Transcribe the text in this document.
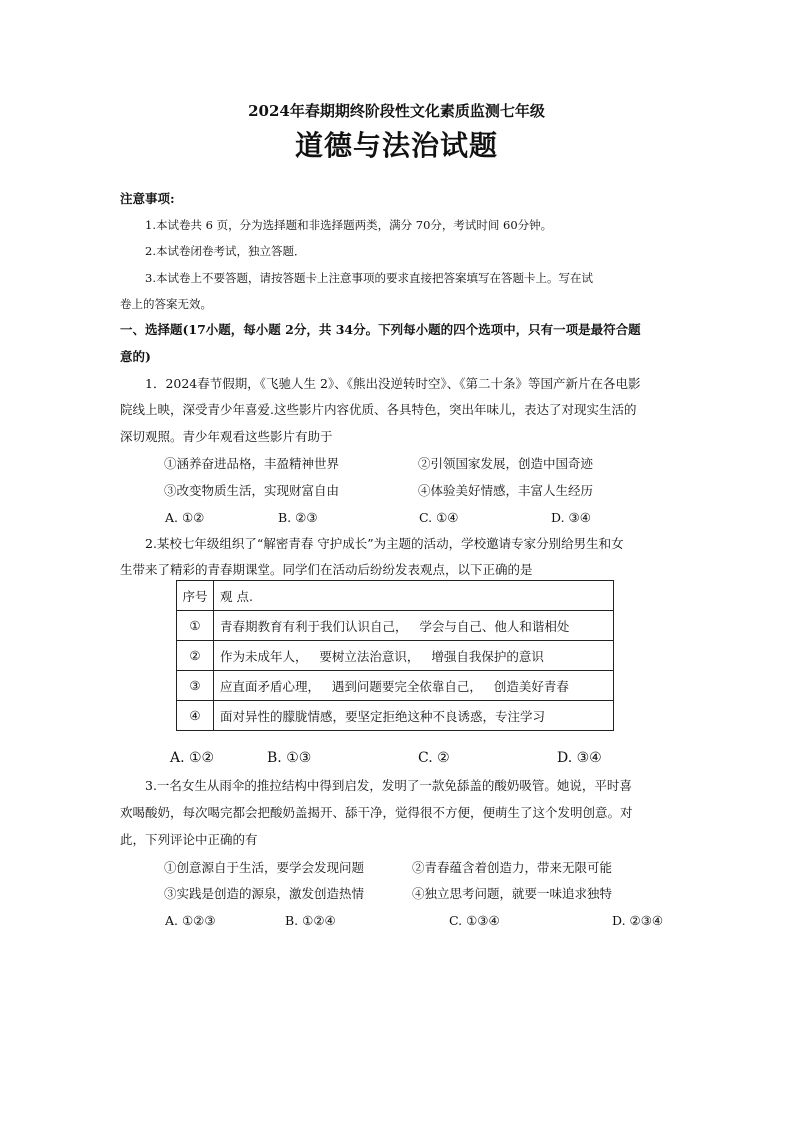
2024年春期期终阶段性文化素质监测七年级
道德与法治试题
注意事项:
1.本试卷共 6 页，分为选择题和非选择题两类，满分 70分，考试时间 60分钟。
2.本试卷闭卷考试，独立答题．
3.本试卷上不要答题，请按答题卡上注意事项的要求直接把答案填写在答题卡上。写在试
卷上的答案无效。
一、选择题(17小题，每小题 2分，共 34分。下列每小题的四个选项中，只有一项是最符合题
意的)
1．2024春节假期，《飞驰人生 2》、《熊出没逆转时空》、《第二十条》等国产新片在各电影
院线上映，深受青少年喜爱.这些影片内容优质、各具特色，突出年味儿，表达了对现实生活的
深切观照。青少年观看这些影片有助于
①涵养奋进品格，丰盈精神世界	②引领国家发展，创造中国奇迹
③改变物质生活，实现财富自由	④体验美好情感，丰富人生经历
A. ①②	B. ②③	C. ①④	D. ③④
2.某校七年级组织了“解密青春 守护成长”为主题的活动，学校邀请专家分别给男生和女
生带来了精彩的青春期课堂。同学们在活动后纷纷发表观点，以下正确的是
序号	观 点.
①	青春期教育有利于我们认识自己，   学会与自己、他人和谐相处
②	作为未成年人，   要树立法治意识，   增强自我保护的意识
③	应直面矛盾心理，   遇到问题要完全依靠自己，   创造美好青春
④	面对异性的朦胧情感，要坚定拒绝这种不良诱惑，专注学习
A. ①②	B. ①③	C. ②	D. ③④
3.一名女生从雨伞的推拉结构中得到启发，发明了一款免舔盖的酸奶吸管。她说，平时喜
欢喝酸奶，每次喝完都会把酸奶盖揭开、舔干净，觉得很不方便，便萌生了这个发明创意。对
此，下列评论中正确的有
①创意源自于生活，要学会发现问题	②青春蕴含着创造力，带来无限可能
③实践是创造的源泉，激发创造热情	④独立思考问题，就要一味追求独特
A. ①②③	B. ①②④	C. ①③④	D. ②③④
